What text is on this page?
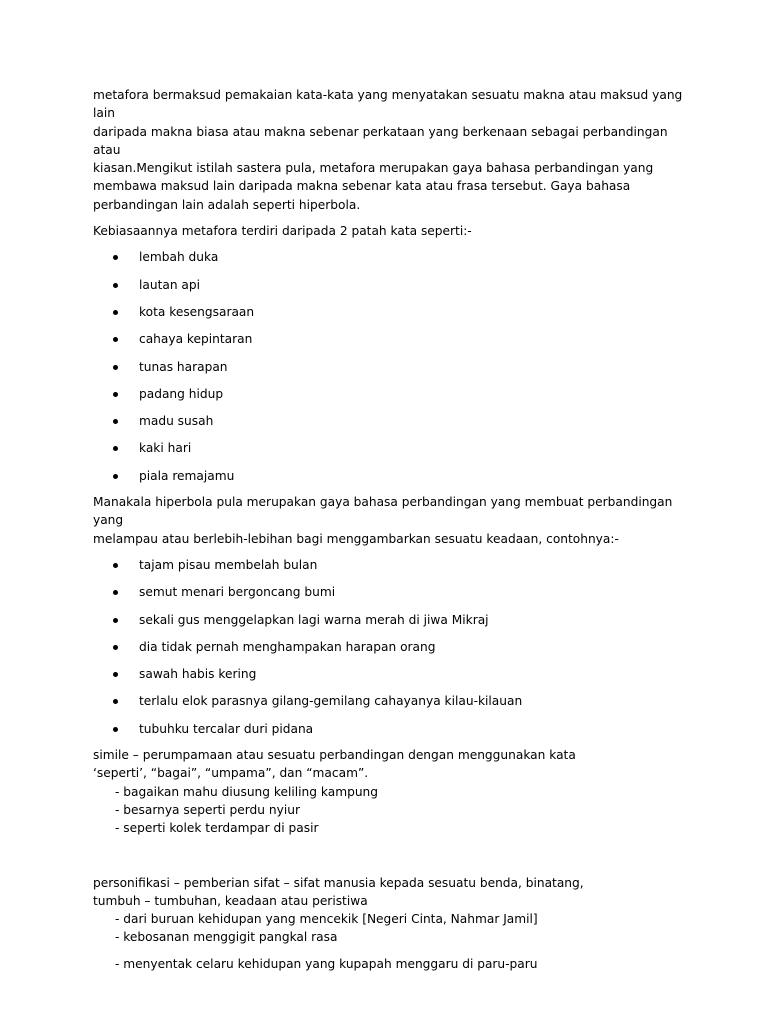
metafora bermaksud pemakaian kata-kata yang menyatakan sesuatu makna atau maksud yang lain
daripada makna biasa atau makna sebenar perkataan yang berkenaan sebagai perbandingan atau
kiasan.Mengikut istilah sastera pula, metafora merupakan gaya bahasa perbandingan yang
membawa maksud lain daripada makna sebenar kata atau frasa tersebut. Gaya bahasa
perbandingan lain adalah seperti hiperbola.
Kebiasaannya metafora terdiri daripada 2 patah kata seperti:-
lembah duka
lautan api
kota kesengsaraan
cahaya kepintaran
tunas harapan
padang hidup
madu susah
kaki hari
piala remajamu
Manakala hiperbola pula merupakan gaya bahasa perbandingan yang membuat perbandingan yang
melampau atau berlebih-lebihan bagi menggambarkan sesuatu keadaan, contohnya:-
tajam pisau membelah bulan
semut menari bergoncang bumi
sekali gus menggelapkan lagi warna merah di jiwa Mikraj
dia tidak pernah menghampakan harapan orang
sawah habis kering
terlalu elok parasnya gilang-gemilang cahayanya kilau-kilauan
tubuhku tercalar duri pidana
simile – perumpamaan atau sesuatu perbandingan dengan menggunakan kata
‘seperti’, “bagai”, “umpama”, dan “macam”.
- bagaikan mahu diusung keliling kampung
- besarnya seperti perdu nyiur
- seperti kolek terdampar di pasir
personifikasi – pemberian sifat – sifat manusia kepada sesuatu benda, binatang,
tumbuh – tumbuhan, keadaan atau peristiwa
- dari buruan kehidupan yang mencekik [Negeri Cinta, Nahmar Jamil]
- kebosanan menggigit pangkal rasa
- menyentak celaru kehidupan yang kupapah menggaru di paru-paru
